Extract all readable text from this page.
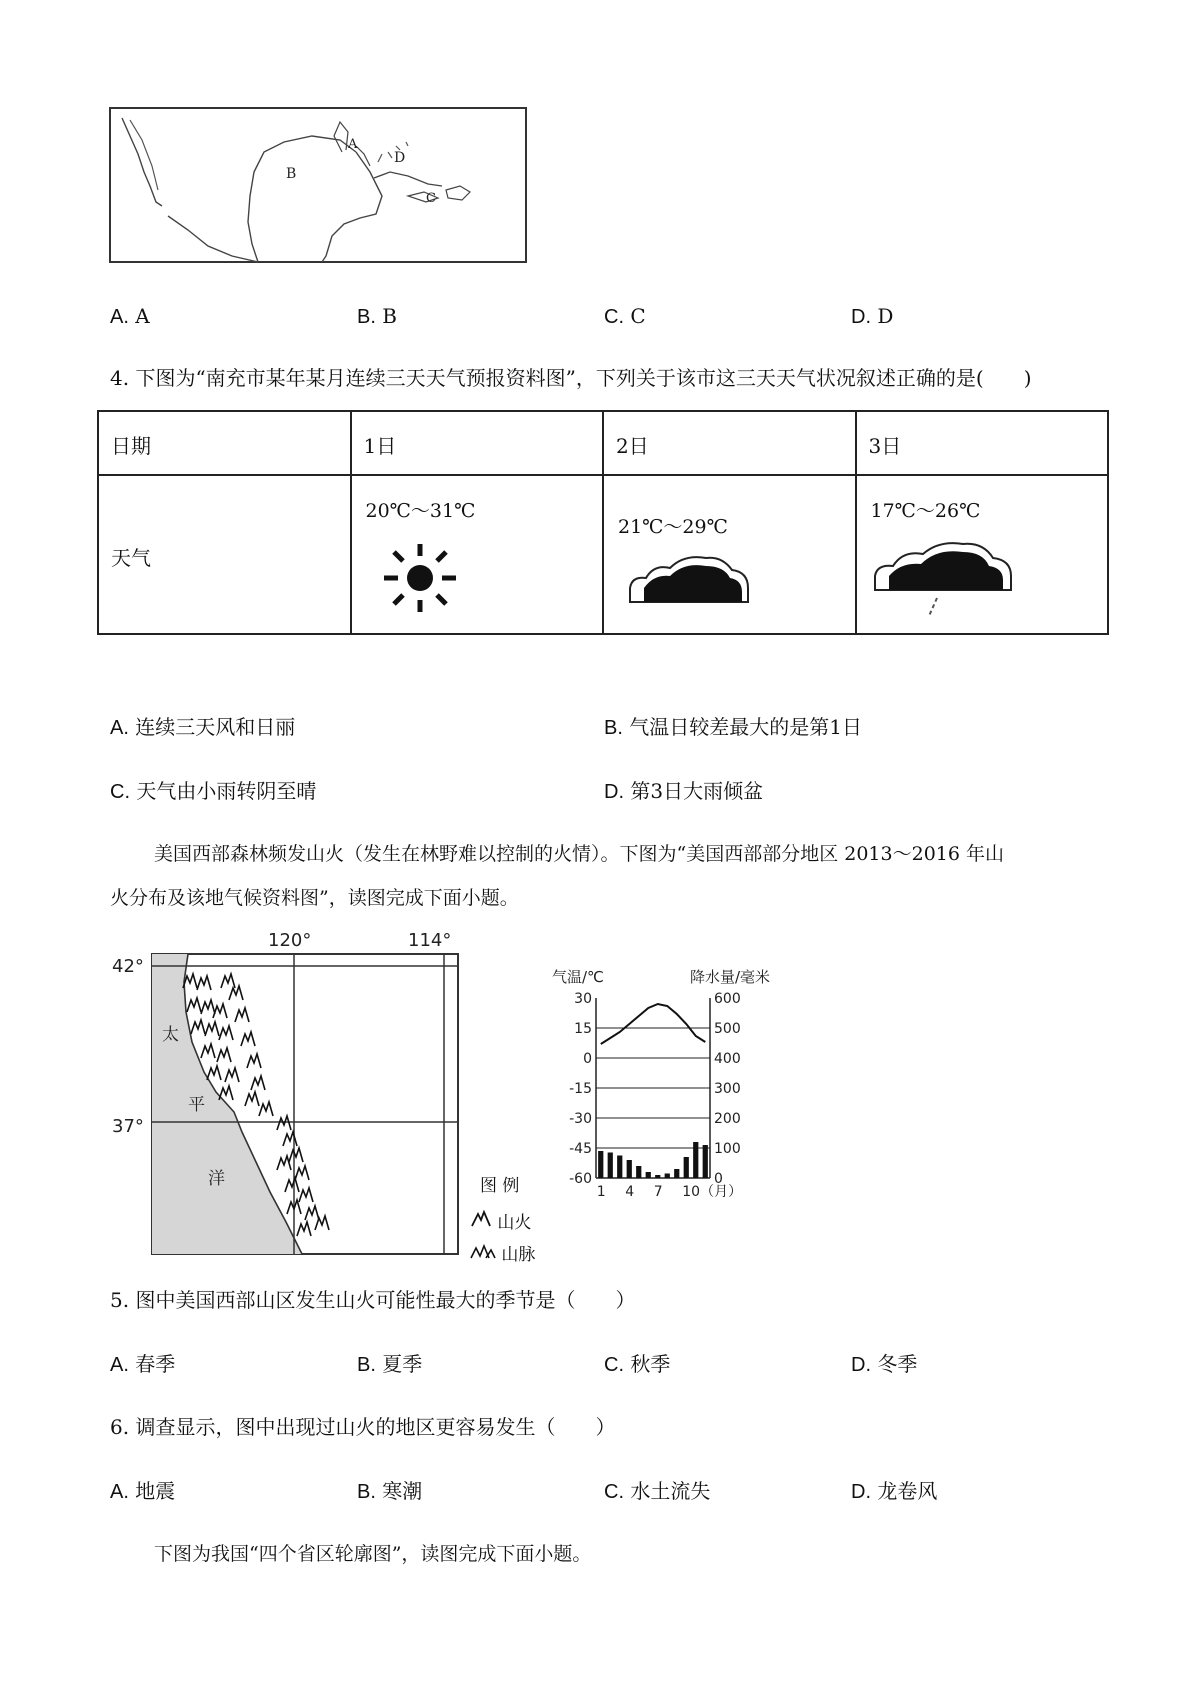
B
A
D
C
A. A	B. B	C. C	D. D
4. 下图为“南充市某年某月连续三天天气预报资料图”，下列关于该市这三天天气状况叙述正确的是(　　)
日期	1日	2日	3日

天气	20℃～31℃	21℃～29℃	17℃～26℃
A. 连续三天风和日丽	B. 气温日较差最大的是第1日
C. 天气由小雨转阴至晴	D. 第3日大雨倾盆
美国西部森林频发山火（发生在林野难以控制的火情）。下图为“美国西部部分地区 2013～2016 年山
火分布及该地气候资料图”，读图完成下面小题。
120°	114°
42°
37°
太
平
洋	图 例
山火
山脉
气温/℃	降水量/毫米
30
15
0
-15
-30
-45
-60
600
500
400
300
200
100
0
1 4 7 10（月）
5. 图中美国西部山区发生山火可能性最大的季节是（　　）
A. 春季	B. 夏季	C. 秋季	D. 冬季
6. 调查显示，图中出现过山火的地区更容易发生（　　）
A. 地震	B. 寒潮	C. 水土流失	D. 龙卷风
下图为我国“四个省区轮廓图”，读图完成下面小题。
